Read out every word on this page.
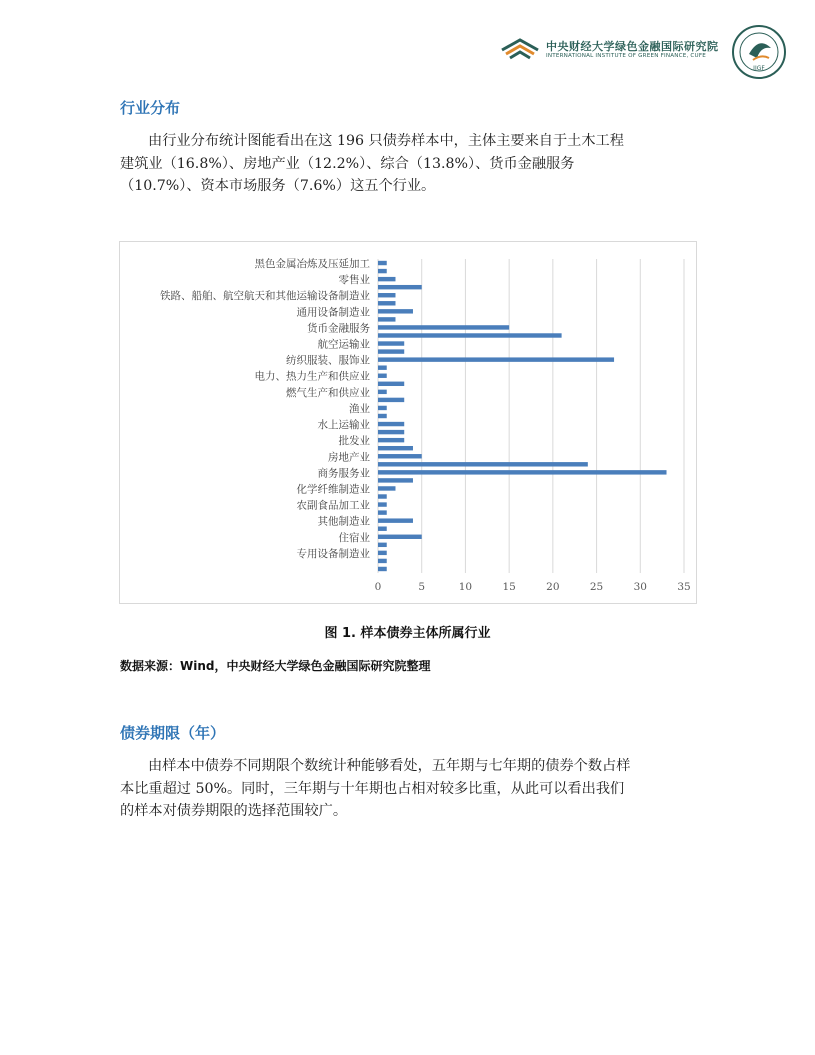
中央财经大学绿色金融国际研究院
INTERNATIONAL INSTITUTE OF GREEN FINANCE, CUFE
IIGF
行业分布
由行业分布统计图能看出在这 196 只债券样本中，主体主要来自于土木工程
建筑业（16.8%）、房地产业（12.2%）、综合（13.8%）、货币金融服务
（10.7%）、资本市场服务（7.6%）这五个行业。
0	5	10	15	20	25	30	35
黑色金属冶炼及压延加工
零售业
铁路、船舶、航空航天和其他运输设备制造业
通用设备制造业
货币金融服务
航空运输业
纺织服装、服饰业
电力、热力生产和供应业
燃气生产和供应业
渔业
水上运输业
批发业
房地产业
商务服务业
化学纤维制造业
农副食品加工业
其他制造业
住宿业
专用设备制造业
图 1. 样本债券主体所属行业
数据来源：Wind，中央财经大学绿色金融国际研究院整理
债券期限（年）
由样本中债券不同期限个数统计种能够看处，五年期与七年期的债券个数占样
本比重超过 50%。同时，三年期与十年期也占相对较多比重，从此可以看出我们
的样本对债券期限的选择范围较广。
